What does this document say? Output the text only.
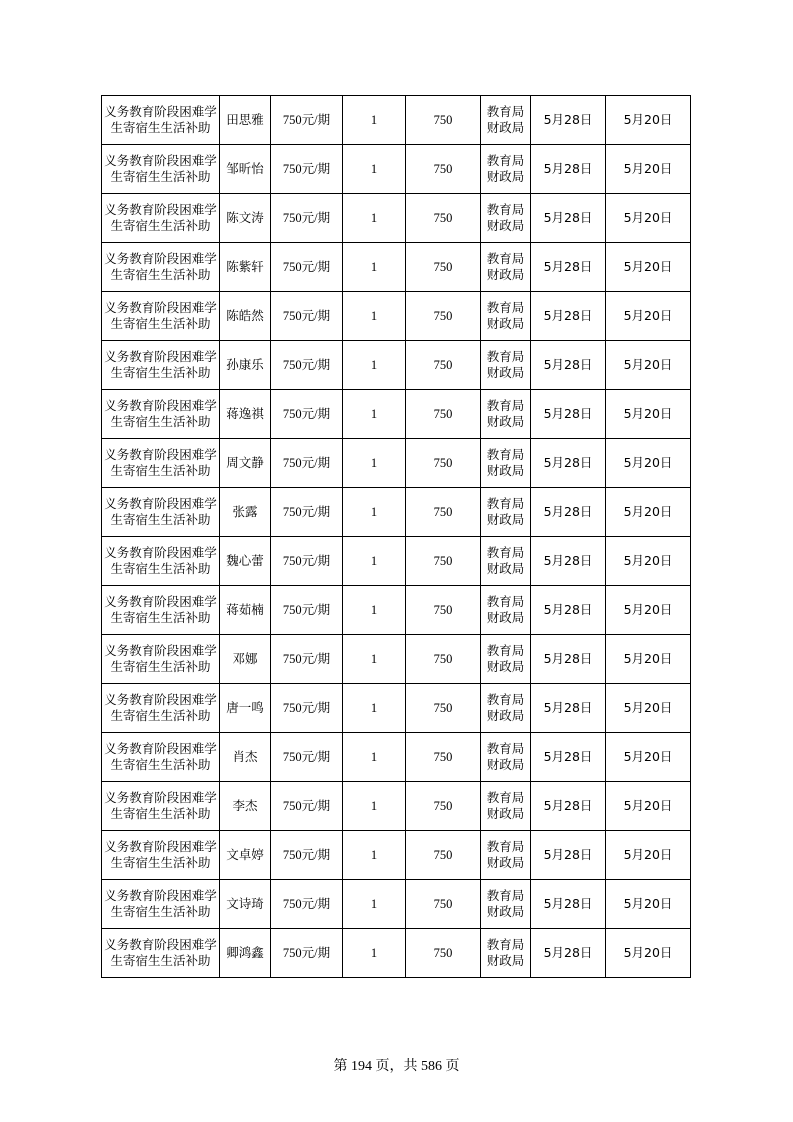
义务教育阶段困难学生寄宿生生活补助	田思雅	750元/期	1	750	教育局财政局	5月28日	5月20日
义务教育阶段困难学生寄宿生生活补助	邹昕怡	750元/期	1	750	教育局财政局	5月28日	5月20日
义务教育阶段困难学生寄宿生生活补助	陈文涛	750元/期	1	750	教育局财政局	5月28日	5月20日
义务教育阶段困难学生寄宿生生活补助	陈紫轩	750元/期	1	750	教育局财政局	5月28日	5月20日
义务教育阶段困难学生寄宿生生活补助	陈皓然	750元/期	1	750	教育局财政局	5月28日	5月20日
义务教育阶段困难学生寄宿生生活补助	孙康乐	750元/期	1	750	教育局财政局	5月28日	5月20日
义务教育阶段困难学生寄宿生生活补助	蒋逸祺	750元/期	1	750	教育局财政局	5月28日	5月20日
义务教育阶段困难学生寄宿生生活补助	周文静	750元/期	1	750	教育局财政局	5月28日	5月20日
义务教育阶段困难学生寄宿生生活补助	张露	750元/期	1	750	教育局财政局	5月28日	5月20日
义务教育阶段困难学生寄宿生生活补助	魏心蕾	750元/期	1	750	教育局财政局	5月28日	5月20日
义务教育阶段困难学生寄宿生生活补助	蒋茹楠	750元/期	1	750	教育局财政局	5月28日	5月20日
义务教育阶段困难学生寄宿生生活补助	邓娜	750元/期	1	750	教育局财政局	5月28日	5月20日
义务教育阶段困难学生寄宿生生活补助	唐一鸣	750元/期	1	750	教育局财政局	5月28日	5月20日
义务教育阶段困难学生寄宿生生活补助	肖杰	750元/期	1	750	教育局财政局	5月28日	5月20日
义务教育阶段困难学生寄宿生生活补助	李杰	750元/期	1	750	教育局财政局	5月28日	5月20日
义务教育阶段困难学生寄宿生生活补助	文卓婷	750元/期	1	750	教育局财政局	5月28日	5月20日
义务教育阶段困难学生寄宿生生活补助	文诗琦	750元/期	1	750	教育局财政局	5月28日	5月20日
义务教育阶段困难学生寄宿生生活补助	卿鸿鑫	750元/期	1	750	教育局财政局	5月28日	5月20日
第 194 页，共 586 页
